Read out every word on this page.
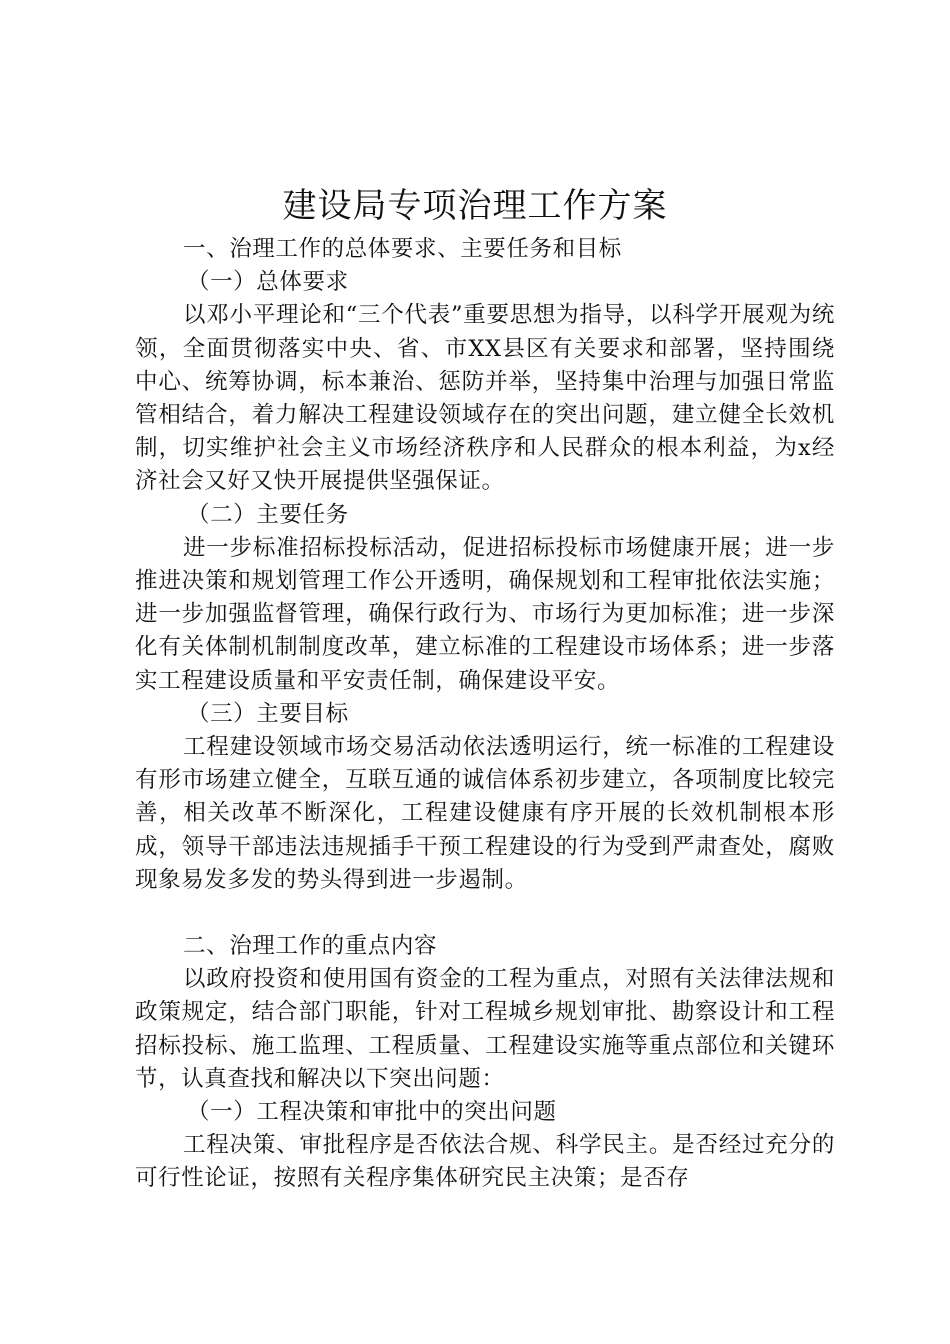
建设局专项治理工作方案

一、治理工作的总体要求、主要任务和目标

（一）总体要求

以邓小平理论和“三个代表”重要思想为指导，以科学开展观为统领，全面贯彻落实中央、省、市XX县区有关要求和部署，坚持围绕中心、统筹协调，标本兼治、惩防并举，坚持集中治理与加强日常监管相结合，着力解决工程建设领域存在的突出问题，建立健全长效机制，切实维护社会主义市场经济秩序和人民群众的根本利益，为x经济社会又好又快开展提供坚强保证。

（二）主要任务

进一步标准招标投标活动，促进招标投标市场健康开展；进一步推进决策和规划管理工作公开透明，确保规划和工程审批依法实施；进一步加强监督管理，确保行政行为、市场行为更加标准；进一步深化有关体制机制制度改革，建立标准的工程建设市场体系；进一步落实工程建设质量和平安责任制，确保建设平安。

（三）主要目标

工程建设领域市场交易活动依法透明运行，统一标准的工程建设有形市场建立健全，互联互通的诚信体系初步建立，各项制度比较完善，相关改革不断深化，工程建设健康有序开展的长效机制根本形成，领导干部违法违规插手干预工程建设的行为受到严肃查处，腐败现象易发多发的势头得到进一步遏制。

二、治理工作的重点内容

以政府投资和使用国有资金的工程为重点，对照有关法律法规和政策规定，结合部门职能，针对工程城乡规划审批、勘察设计和工程招标投标、施工监理、工程质量、工程建设实施等重点部位和关键环节，认真查找和解决以下突出问题：

（一）工程决策和审批中的突出问题

工程决策、审批程序是否依法合规、科学民主。是否经过充分的可行性论证，按照有关程序集体研究民主决策；是否存
